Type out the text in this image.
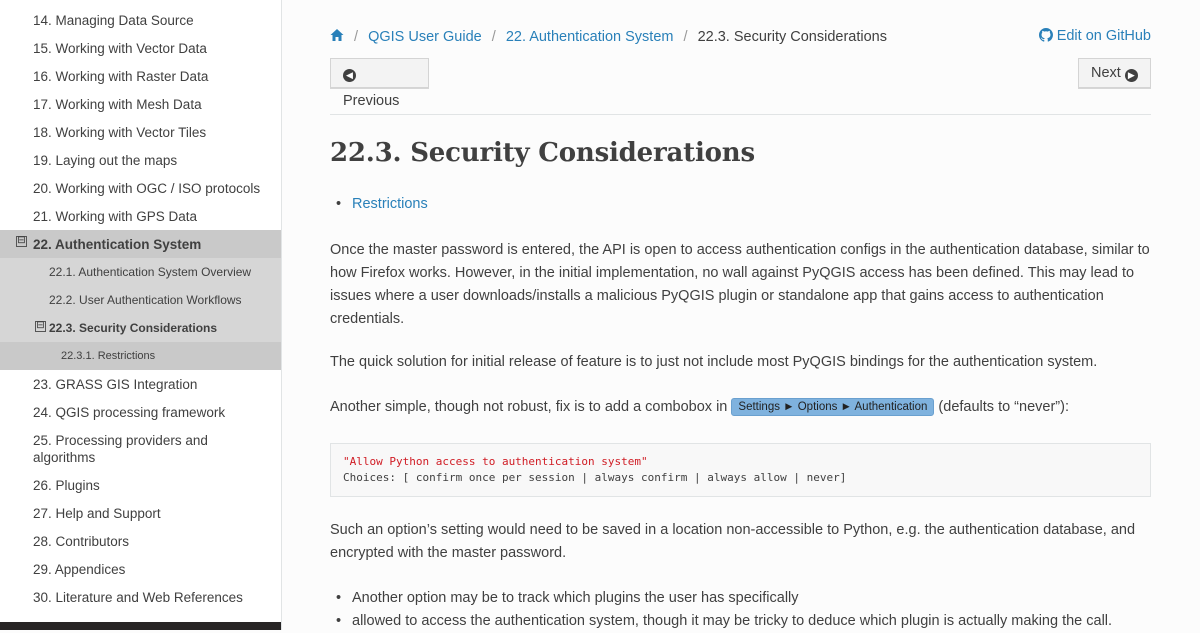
14. Managing Data Source
15. Working with Vector Data
16. Working with Raster Data
17. Working with Mesh Data
18. Working with Vector Tiles
19. Laying out the maps
20. Working with OGC / ISO protocols
21. Working with GPS Data
⊟ 22. Authentication System
22.1. Authentication System Overview
22.2. User Authentication Workflows
⊟ 22.3. Security Considerations
22.3.1. Restrictions
23. GRASS GIS Integration
24. QGIS processing framework
25. Processing providers and algorithms
26. Plugins
27. Help and Support
28. Contributors
29. Appendices
30. Literature and Web References
/ QGIS User Guide / 22. Authentication System / 22.3. Security Considerations	Edit on GitHub
◀ Previous
Next ▶
22.3. Security Considerations
• Restrictions

Once the master password is entered, the API is open to access authentication configs in the authentication database, similar to how Firefox works. However, in the initial implementation, no wall against PyQGIS access has been defined. This may lead to issues where a user downloads/installs a malicious PyQGIS plugin or standalone app that gains access to authentication credentials.

The quick solution for initial release of feature is to just not include most PyQGIS bindings for the authentication system.

Another simple, though not robust, fix is to add a combobox in Settings ► Options ► Authentication (defaults to “never”):

"Allow Python access to authentication system"
Choices: [ confirm once per session | always confirm | always allow | never]

Such an option’s setting would need to be saved in a location non-accessible to Python, e.g. the authentication database, and encrypted with the master password.

• Another option may be to track which plugins the user has specifically
• allowed to access the authentication system, though it may be tricky to deduce which plugin is actually making the call.
